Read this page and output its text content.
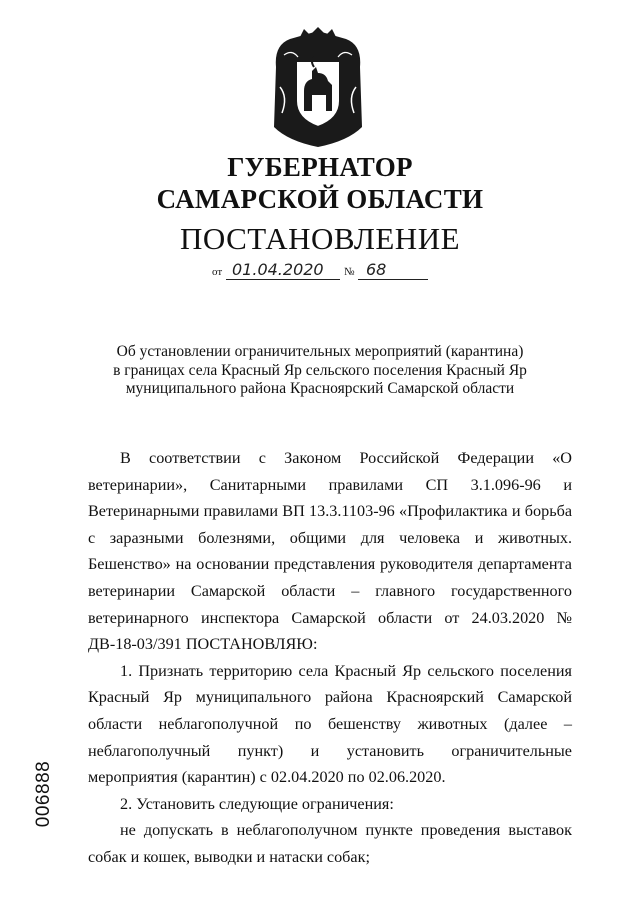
ГУБЕРНАТОР
САМАРСКОЙ ОБЛАСТИ
ПОСТАНОВЛЕНИЕ
от 01.04.2020 № 68
Об установлении ограничительных мероприятий (карантина)
в границах села Красный Яр сельского поселения Красный Яр
муниципального района Красноярский Самарской области

В соответствии с Законом Российской Федерации «О ветеринарии», Санитарными правилами СП 3.1.096-96 и Ветеринарными правилами ВП 13.3.1103-96 «Профилактика и борьба с заразными болезнями, общими для человека и животных. Бешенство» на основании представления руководителя департамента ветеринарии Самарской области – главного государственного ветеринарного инспектора Самарской области от 24.03.2020 № ДВ-18-03/391 ПОСТАНОВЛЯЮ:

1. Признать территорию села Красный Яр сельского поселения Красный Яр муниципального района Красноярский Самарской области неблагополучной по бешенству животных (далее – неблагополучный пункт) и установить ограничительные мероприятия (карантин) с 02.04.2020 по 02.06.2020.

2. Установить следующие ограничения:

не допускать в неблагополучном пункте проведения выставок собак и кошек, выводки и натаски собак;

006888
